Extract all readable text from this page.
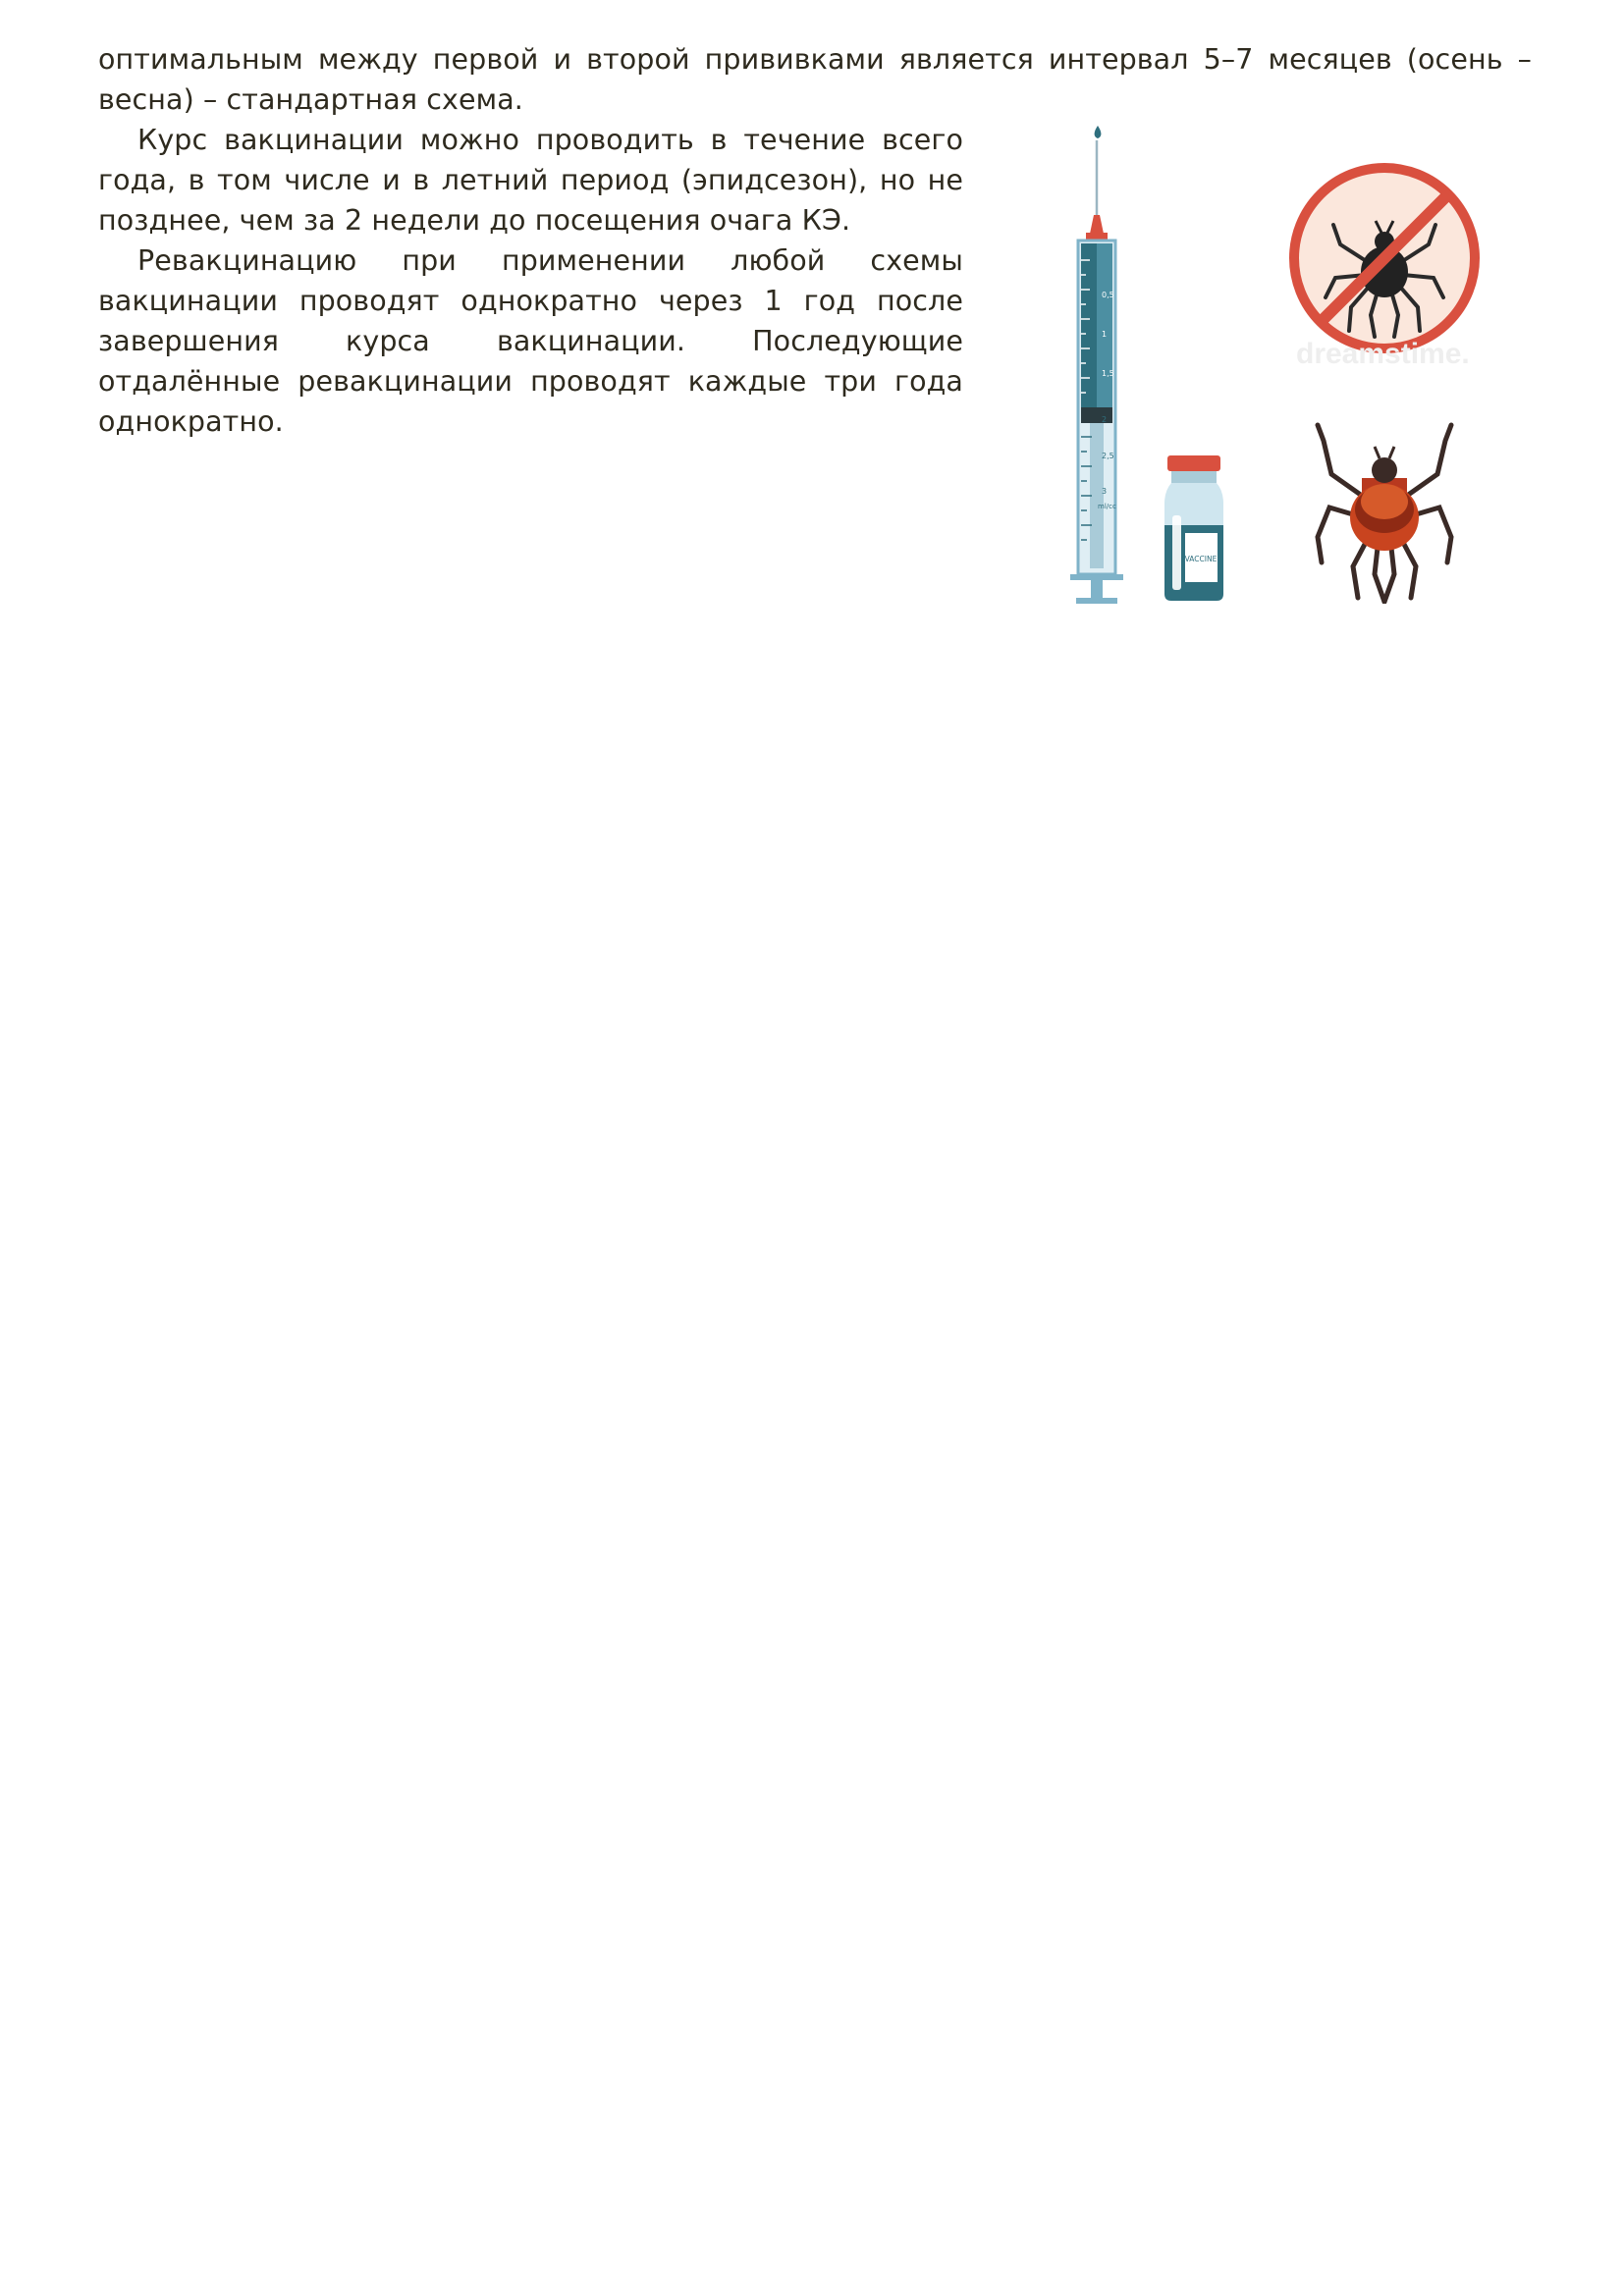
оптимальным между первой и второй прививками является интервал 5–7 месяцев (осень – весна) – стандартная схема.

Курс вакцинации можно проводить в течение всего года, в том числе и в летний период (эпидсезон), но не позднее, чем за 2 недели до посещения очага КЭ.

Ревакцинацию при применении любой схемы вакцинации проводят однократно через 1 год после завершения курса вакцинации. Последующие отдалённые ревакцинации проводят каждые три года однократно.

0,5
1
1,5
2
2,5
3
ml/cc
VACCINE
dreamstime.
